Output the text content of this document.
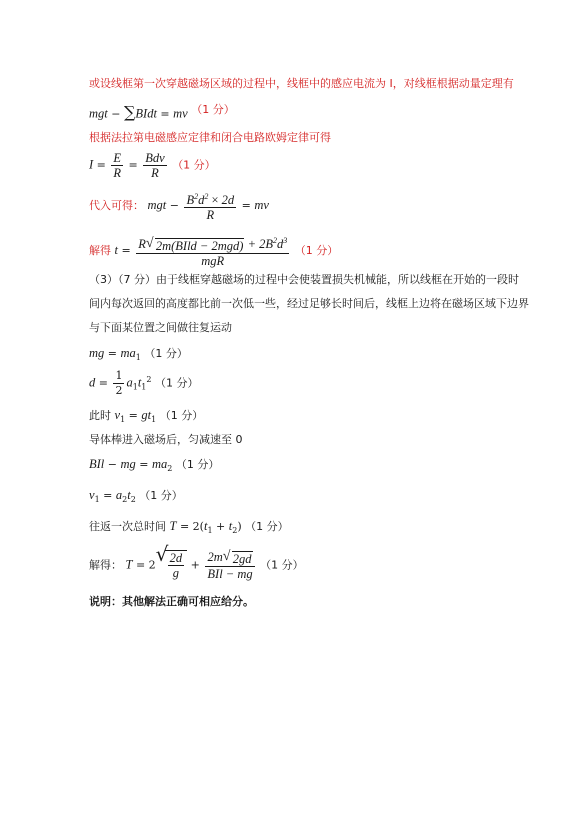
或设线框第一次穿越磁场区域的过程中，线框中的感应电流为 I，对线框根据动量定理有
mgt − ∑BIdt = mv （1 分）
根据法拉第电磁感应定律和闭合电路欧姆定律可得
$I = \frac{E}{R} = \frac{\text{Bdv}}{R} (1$ 分）
代入可得： mgt − $\frac{B^2d^2 \times 2d}{R}$ = mv
解得 $t = \frac{R √ 2m(BIld - 2mgd) + 2B^2d^3}{\text{mgR}} (1$ 分）
（3）（7 分）由于线框穿越磁场的过程中会使装置损失机械能，所以线框在开始的一段时
间内每次返回的高度都比前一次低一些，经过足够长时间后，线框上边将在磁场区域下边界
与下面某位置之间做往复运动
mg = $ma_1$ （1 分）
$d = \frac{1}{2} a_1t_1^2$ （1 分）
此时 $v_1 = gt_1$ （1 分）
导体棒进入磁场后，匀减速至 0
BIl − mg = $ma_2$ （1 分）
$v_1 = a_2t_2$ （1 分）
往返一次总时间 $T = 2(t_1 + t_2)$ （1 分）
解得： T = 2 √ $\frac{2d}{g} + \frac{2m √ 2gd}{\text{BIl − mg}} (1$ 分）
说明：其他解法正确可相应给分。
